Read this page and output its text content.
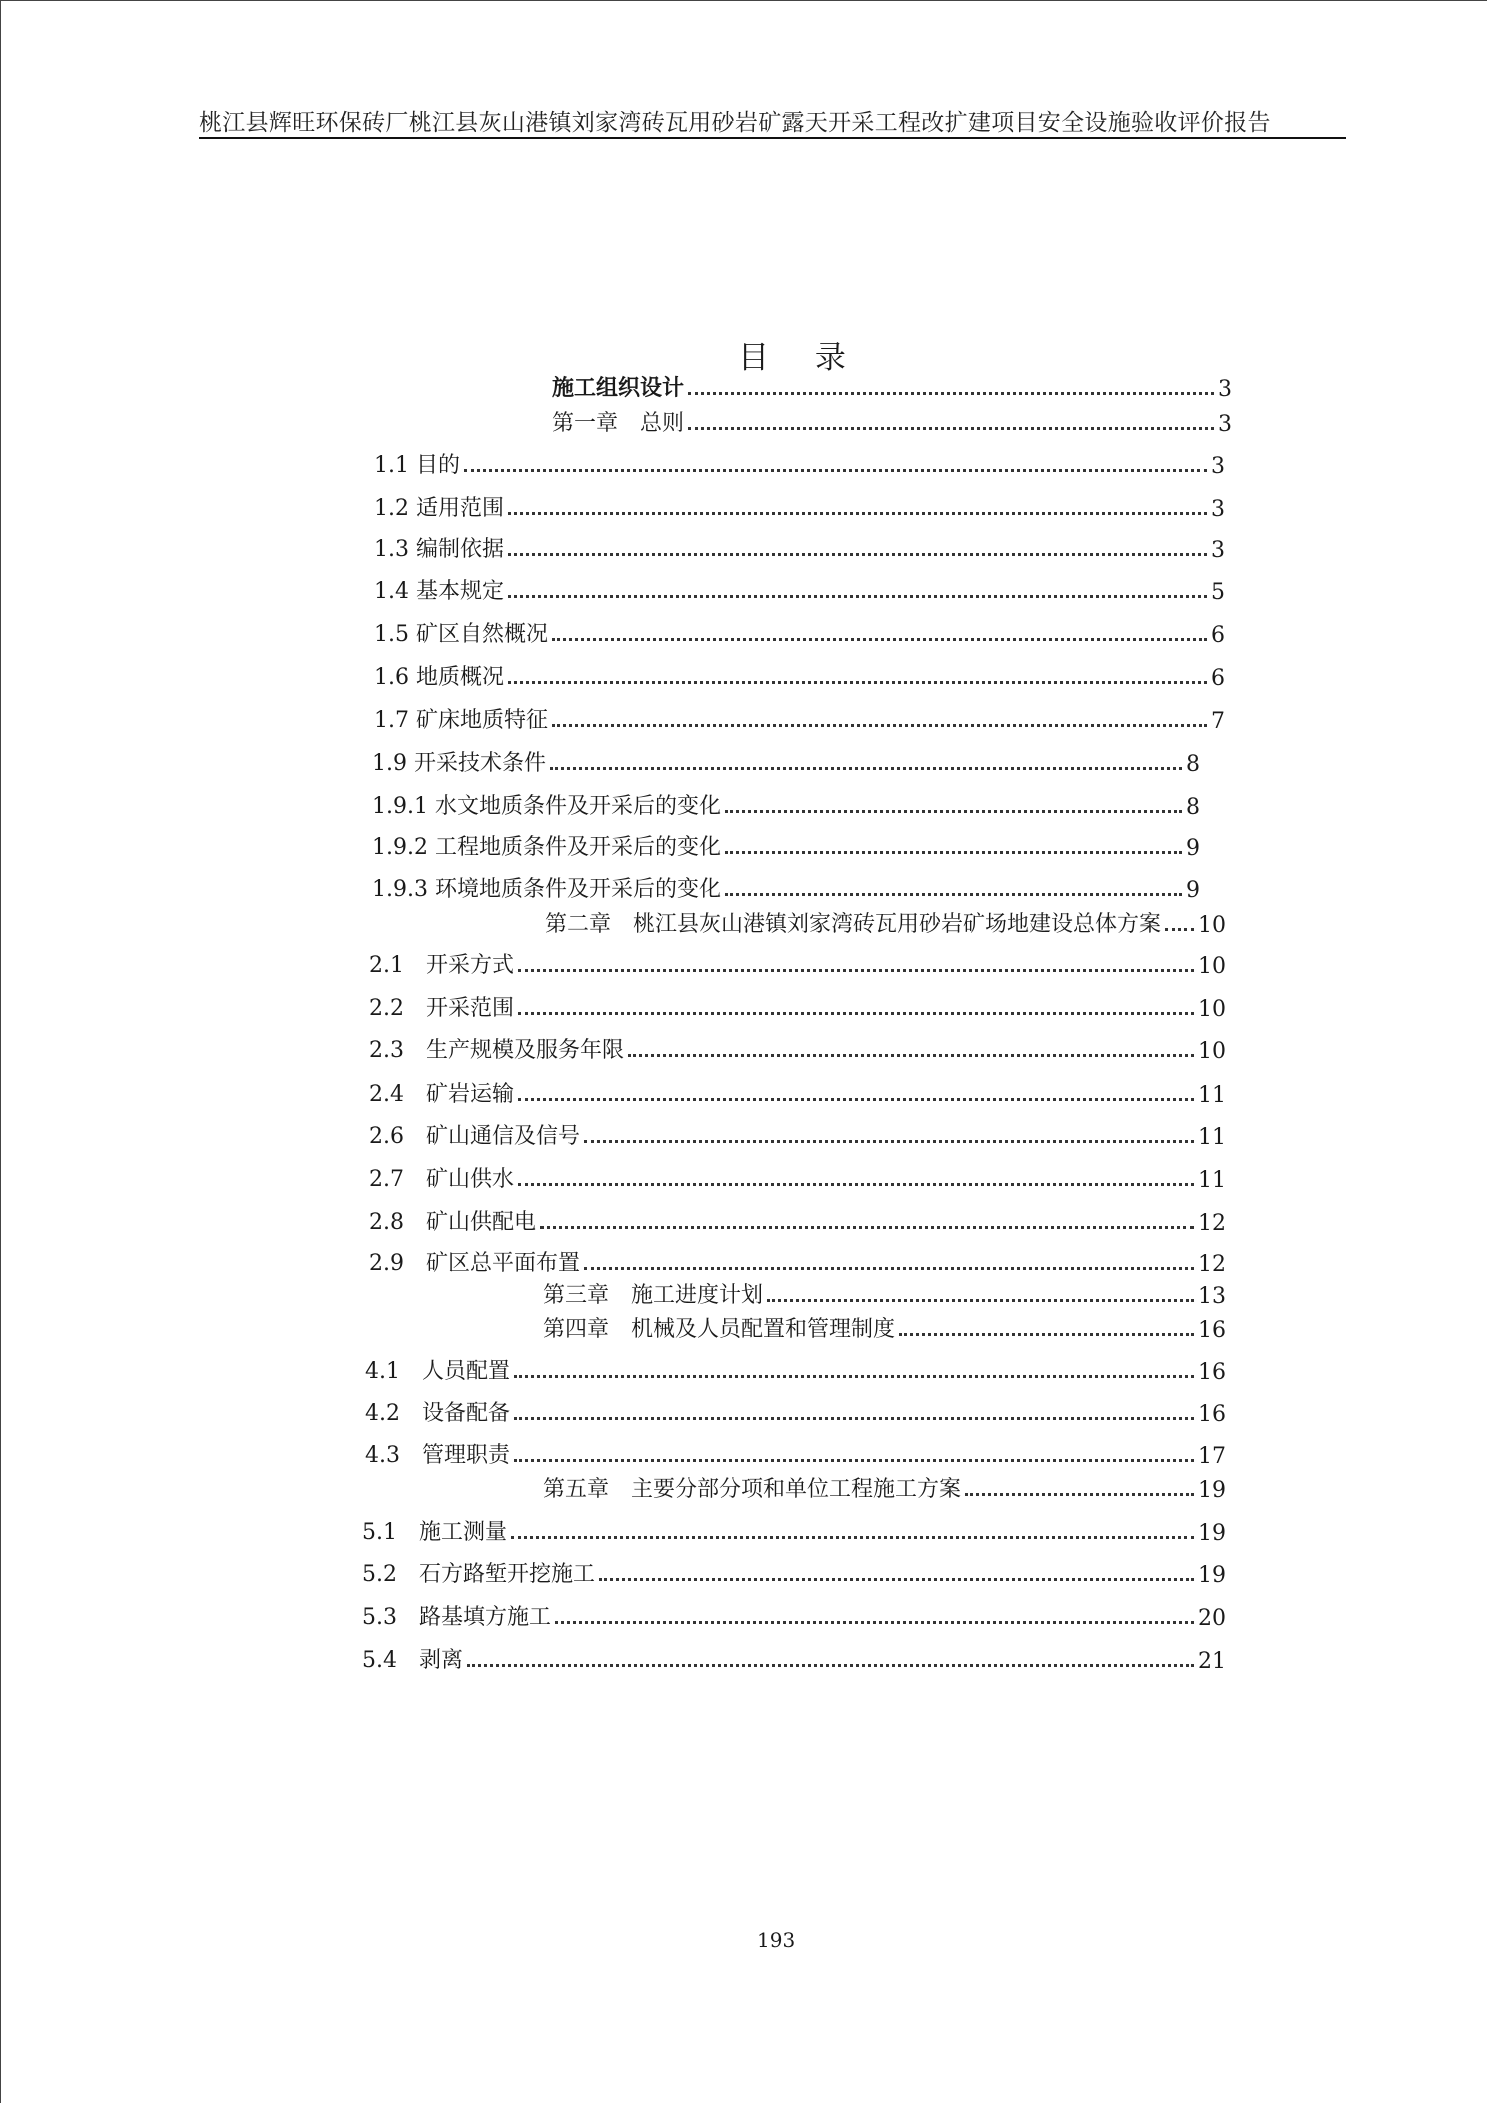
桃江县辉旺环保砖厂桃江县灰山港镇刘家湾砖瓦用砂岩矿露天开采工程改扩建项目安全设施验收评价报告
目 录
施工组织设计	3
第一章　总则	3
1.1 目的	3
1.2 适用范围	3
1.3 编制依据	3
1.4 基本规定	5
1.5 矿区自然概况	6
1.6 地质概况	6
1.7 矿床地质特征	7
1.9 开采技术条件	8
1.9.1 水文地质条件及开采后的变化	8
1.9.2 工程地质条件及开采后的变化	9
1.9.3 环境地质条件及开采后的变化	9
第二章　桃江县灰山港镇刘家湾砖瓦用砂岩矿场地建设总体方案 10
2.1　开采方式	10
2.2　开采范围	10
2.3　生产规模及服务年限	10
2.4　矿岩运输	11
2.6　矿山通信及信号	11
2.7　矿山供水	11
2.8　矿山供配电	12
2.9　矿区总平面布置	12
第三章　施工进度计划	13
第四章　机械及人员配置和管理制度	16
4.1　人员配置	16
4.2　设备配备	16
4.3　管理职责	17
第五章　主要分部分项和单位工程施工方案	19
5.1　施工测量	19
5.2　石方路堑开挖施工	19
5.3　路基填方施工	20
5.4　剥离	21
193
